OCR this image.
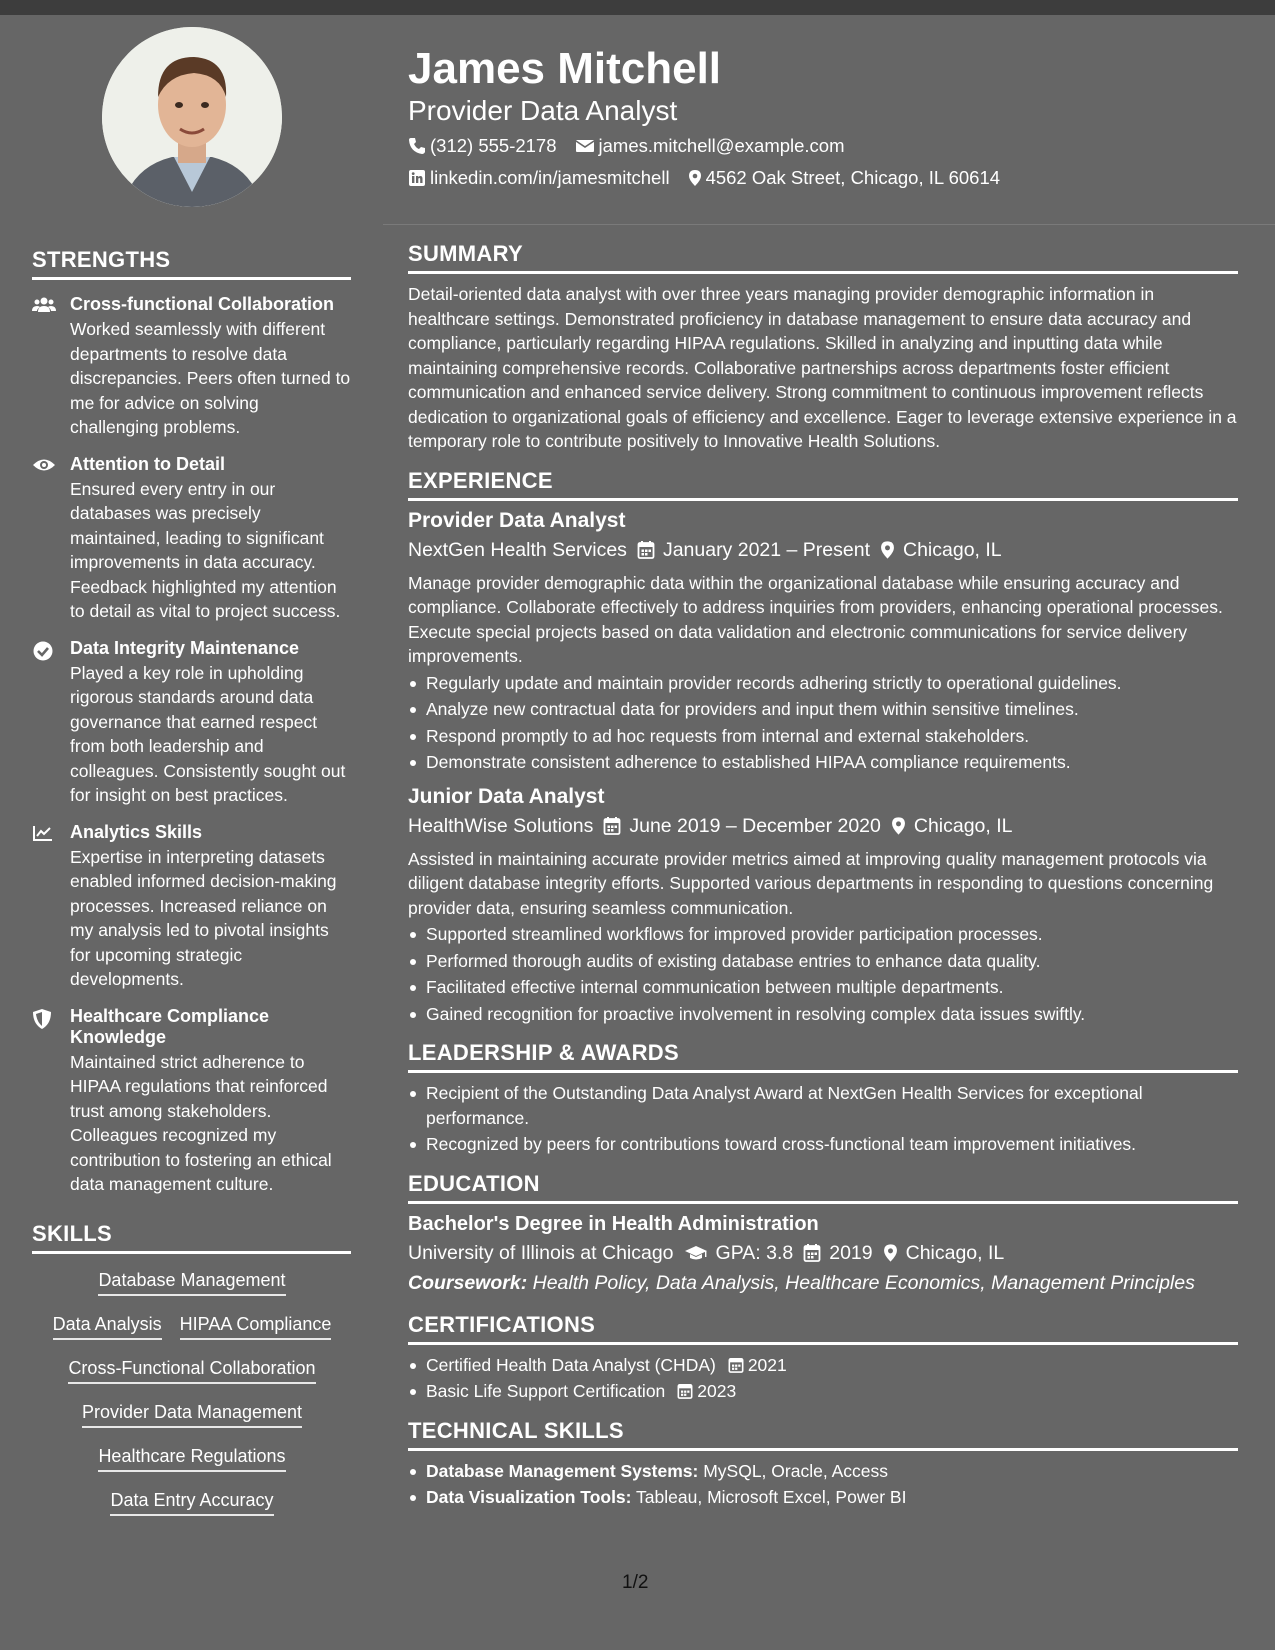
STRENGTHS
Cross-functional Collaboration
Worked seamlessly with different departments to resolve data discrepancies. Peers often turned to me for advice on solving challenging problems.
Attention to Detail
Ensured every entry in our databases was precisely maintained, leading to significant improvements in data accuracy. Feedback highlighted my attention to detail as vital to project success.
Data Integrity Maintenance
Played a key role in upholding rigorous standards around data governance that earned respect from both leadership and colleagues. Consistently sought out for insight on best practices.
Analytics Skills
Expertise in interpreting datasets enabled informed decision-making processes. Increased reliance on my analysis led to pivotal insights for upcoming strategic developments.
Healthcare Compliance Knowledge
Maintained strict adherence to HIPAA regulations that reinforced trust among stakeholders. Colleagues recognized my contribution to fostering an ethical data management culture.
SKILLS
Database Management
Data Analysis HIPAA Compliance
Cross-Functional Collaboration
Provider Data Management
Healthcare Regulations
Data Entry Accuracy
James Mitchell
Provider Data Analyst
(312) 555-2178 james.mitchell@example.com
linkedin.com/in/jamesmitchell 4562 Oak Street, Chicago, IL 60614
SUMMARY
Detail-oriented data analyst with over three years managing provider demographic information in healthcare settings. Demonstrated proficiency in database management to ensure data accuracy and compliance, particularly regarding HIPAA regulations. Skilled in analyzing and inputting data while maintaining comprehensive records. Collaborative partnerships across departments foster efficient communication and enhanced service delivery. Strong commitment to continuous improvement reflects dedication to organizational goals of efficiency and excellence. Eager to leverage extensive experience in a temporary role to contribute positively to Innovative Health Solutions.
EXPERIENCE
Provider Data Analyst
NextGen Health Services January 2021 – Present Chicago, IL
Manage provider demographic data within the organizational database while ensuring accuracy and compliance. Collaborate effectively to address inquiries from providers, enhancing operational processes. Execute special projects based on data validation and electronic communications for service delivery improvements.
Regularly update and maintain provider records adhering strictly to operational guidelines.
Analyze new contractual data for providers and input them within sensitive timelines.
Respond promptly to ad hoc requests from internal and external stakeholders.
Demonstrate consistent adherence to established HIPAA compliance requirements.
Junior Data Analyst
HealthWise Solutions June 2019 – December 2020 Chicago, IL
Assisted in maintaining accurate provider metrics aimed at improving quality management protocols via diligent database integrity efforts. Supported various departments in responding to questions concerning provider data, ensuring seamless communication.
Supported streamlined workflows for improved provider participation processes.
Performed thorough audits of existing database entries to enhance data quality.
Facilitated effective internal communication between multiple departments.
Gained recognition for proactive involvement in resolving complex data issues swiftly.
LEADERSHIP & AWARDS
Recipient of the Outstanding Data Analyst Award at NextGen Health Services for exceptional performance.
Recognized by peers for contributions toward cross-functional team improvement initiatives.
EDUCATION
Bachelor's Degree in Health Administration
University of Illinois at Chicago GPA: 3.8 2019 Chicago, IL
Coursework: Health Policy, Data Analysis, Healthcare Economics, Management Principles
CERTIFICATIONS
Certified Health Data Analyst (CHDA) 2021
Basic Life Support Certification 2023
TECHNICAL SKILLS
Database Management Systems: MySQL, Oracle, Access
Data Visualization Tools: Tableau, Microsoft Excel, Power BI
1/2
